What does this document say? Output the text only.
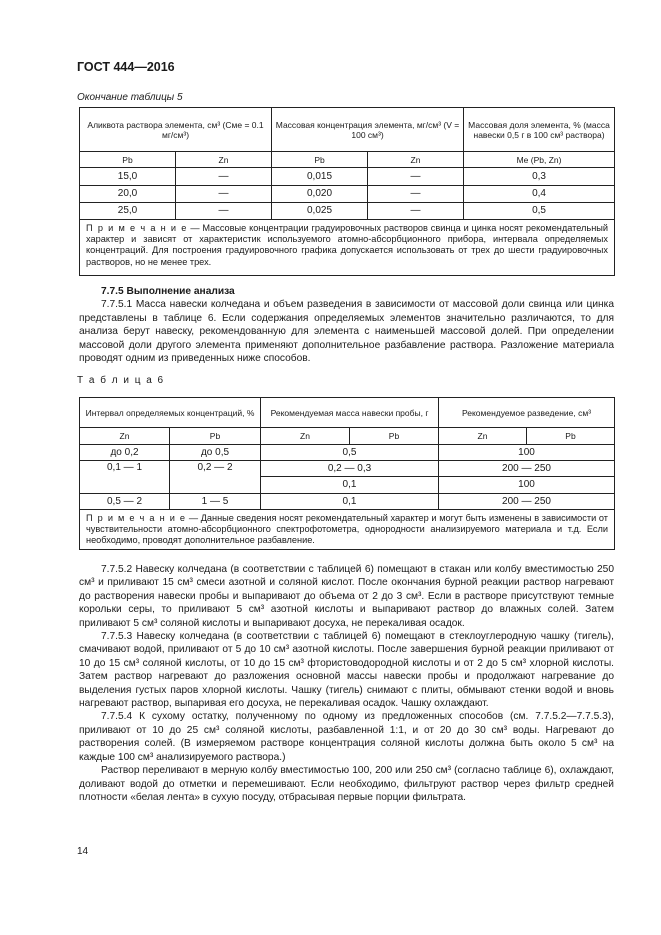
ГОСТ 444—2016
Окончание таблицы 5
Аликвота раствора элемента, см³ (Cмe = 0.1 мг/см³)		Массовая концентрация элемента, мг/см³ (V = 100 см³)		Массовая доля элемента, % (масса навески 0,5 г в 100 см³ раствора)
Pb	Zn	Pb	Zn	Мe (Pb, Zn)
15,0	—	0,015	—	0,3
20,0	—	0,020	—	0,4
25,0	—	0,025	—	0,5
П р и м е ч а н и е — Массовые концентрации градуировочных растворов свинца и цинка носят рекомендательный характер и зависят от характеристик используемого атомно-абсорбционного прибора, интервала определяемых концентраций. Для построения градуировочного графика допускается использовать от трех до шести градуировочных растворов, но не менее трех.				

7.7.5 Выполнение анализа

7.7.5.1 Масса навески колчедана и объем разведения в зависимости от массовой доли свинца или цинка представлены в таблице 6. Если содержания определяемых элементов значительно различаются, то для анализа берут навеску, рекомендованную для элемента с наименьшей массовой долей. При определении массовой доли другого элемента применяют дополнительное разбавление раствора. Разложение материала проводят одним из приведенных ниже способов.

Т а б л и ц а 6
Интервал определяемых концентраций, %		Рекомендуемая масса навески пробы, г		Рекомендуемое разведение, см³	
Zn	Pb	Zn	Pb	Zn	Pb
до 0,2	до 0,5	0,5		100	
0,1 — 1	0,2 — 2	0,2 — 0,3		200 — 250	
		0,1		100	
0,5 — 2	1 — 5	0,1		200 — 250	
П р и м е ч а н и е — Данные сведения носят рекомендательный характер и могут быть изменены в зависимости от чувствительности атомно-абсорбционного спектрофотометра, однородности анализируемого материала и т.д. Если необходимо, проводят дополнительное разбавление.					

7.7.5.2 Навеску колчедана (в соответствии с таблицей 6) помещают в стакан или колбу вместимостью 250 см³ и приливают 15 см³ смеси азотной и соляной кислот. После окончания бурной реакции раствор нагревают до растворения навески пробы и выпаривают до объема от 2 до 3 см³. Если в растворе присутствуют темные корольки серы, то приливают 5 см³ азотной кислоты и выпаривают раствор до влажных солей. Затем приливают 5 см³ соляной кислоты и выпаривают досуха, не перекаливая осадок.

7.7.5.3 Навеску колчедана (в соответствии с таблицей 6) помещают в стеклоуглеродную чашку (тигель), смачивают водой, приливают от 5 до 10 см³ азотной кислоты. После завершения бурной реакции приливают от 10 до 15 см³ соляной кислоты, от 10 до 15 см³ фтористоводородной кислоты и от 2 до 5 см³ хлорной кислоты. Затем раствор нагревают до разложения основной массы навески пробы и продолжают нагревание до выделения густых паров хлорной кислоты. Чашку (тигель) снимают с плиты, обмывают стенки водой и вновь нагревают раствор, выпаривая его досуха, не перекаливая осадок. Чашку охлаждают.

7.7.5.4 К сухому остатку, полученному по одному из предложенных способов (см. 7.7.5.2—7.7.5.3), приливают от 10 до 25 см³ соляной кислоты, разбавленной 1:1, и от 20 до 30 см³ воды. Нагревают до растворения солей. (В измеряемом растворе концентрация соляной кислоты должна быть около 5 см³ на каждые 100 см³ анализируемого раствора.)

Раствор переливают в мерную колбу вместимостью 100, 200 или 250 см³ (согласно таблице 6), охлаждают, доливают водой до отметки и перемешивают. Если необходимо, фильтруют раствор через фильтр средней плотности «белая лента» в сухую посуду, отбрасывая первые порции фильтрата.

14
